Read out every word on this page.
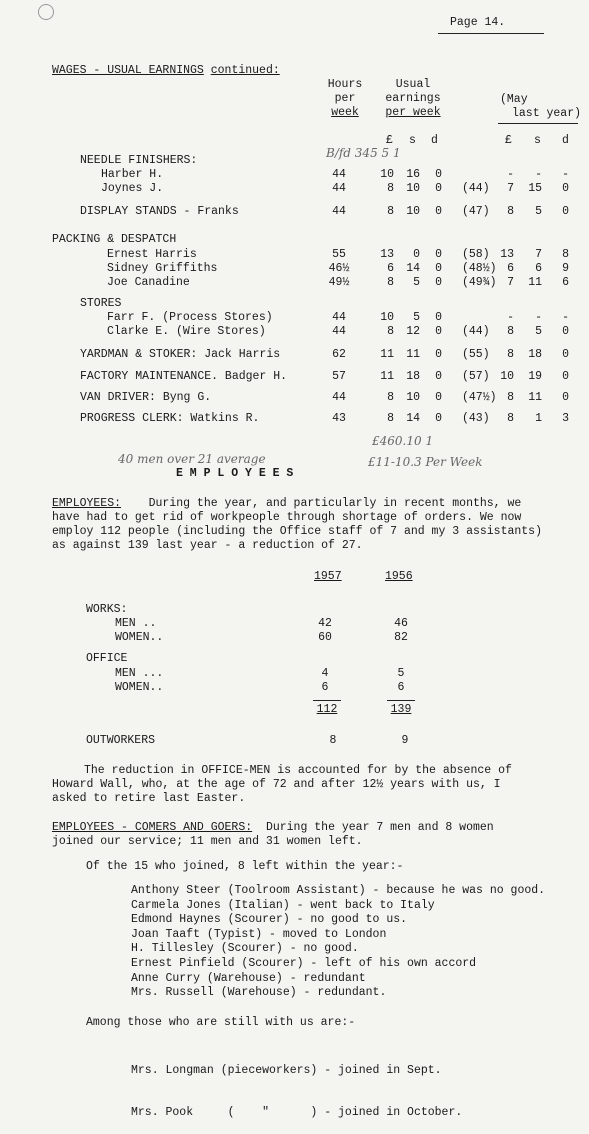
Page 14.
WAGES - USUAL EARNINGS continued:
Hours
per
week
Usual
earnings
per week
(May
last year)
£ s d	£ s d
B/fd 345 5 1
NEEDLE FINISHERS:
Harber H.	44	10	16	0	-	-	-
Joynes J.	44	8	10	0 (44)	7	15	0
DISPLAY STANDS - Franks	44	8	10	0 (47)	8	5	0
PACKING & DESPATCH
Ernest Harris	55	13	0	0 (58) 13	7	8
Sidney Griffiths	46½	6	14	0 (48½) 6	6	9
Joe Canadine	49½	8	5	0 (49¾) 7	11	6
STORES
Farr F. (Process Stores)	44	10	5	0	-	-	-
Clarke E. (Wire Stores)	44	8	12	0 (44)	8	5	0
YARDMAN & STOKER: Jack Harris	62	11	11	0 (55)	8	18	0
FACTORY MAINTENANCE. Badger H.	57	11	18	0 (57) 10	19	0
VAN DRIVER: Byng G.	44	8	10	0 (47½) 8	11	0
PROGRESS CLERK: Watkins R.	43	8	14	0 (43)	8	1	3
£460.10 1
£11-10.3 Per Week
40 men over 21 average
E M P L O Y E E S
EMPLOYEES: During the year, and particularly in recent months, we
have had to get rid of workpeople through shortage of orders. We now
employ 112 people (including the Office staff of 7 and my 3 assistants)
as against 139 last year - a reduction of 27.
1957	1956
WORKS:
MEN ..	42	46
WOMEN..	60	82
OFFICE
MEN ...	4	5
WOMEN..	6	6
112	139
OUTWORKERS	8	9
The reduction in OFFICE-MEN is accounted for by the absence of
Howard Wall, who, at the age of 72 and after 12½ years with us, I
asked to retire last Easter.
EMPLOYEES - COMERS AND GOERS: During the year 7 men and 8 women
joined our service; 11 men and 31 women left.
Of the 15 who joined, 8 left within the year:-
Anthony Steer (Toolroom Assistant) - because he was no good.
Carmela Jones (Italian) - went back to Italy
Edmond Haynes (Scourer) - no good to us.
Joan Taaft (Typist) - moved to London
H. Tillesley (Scourer) - no good.
Ernest Pinfield (Scourer) - left of his own accord
Anne Curry (Warehouse) - redundant
Mrs. Russell (Warehouse) - redundant.
Among those who are still with us are:-

Mrs. Longman (pieceworkers) - joined in Sept.

Mrs. Pook     (    "      ) - joined in October.
